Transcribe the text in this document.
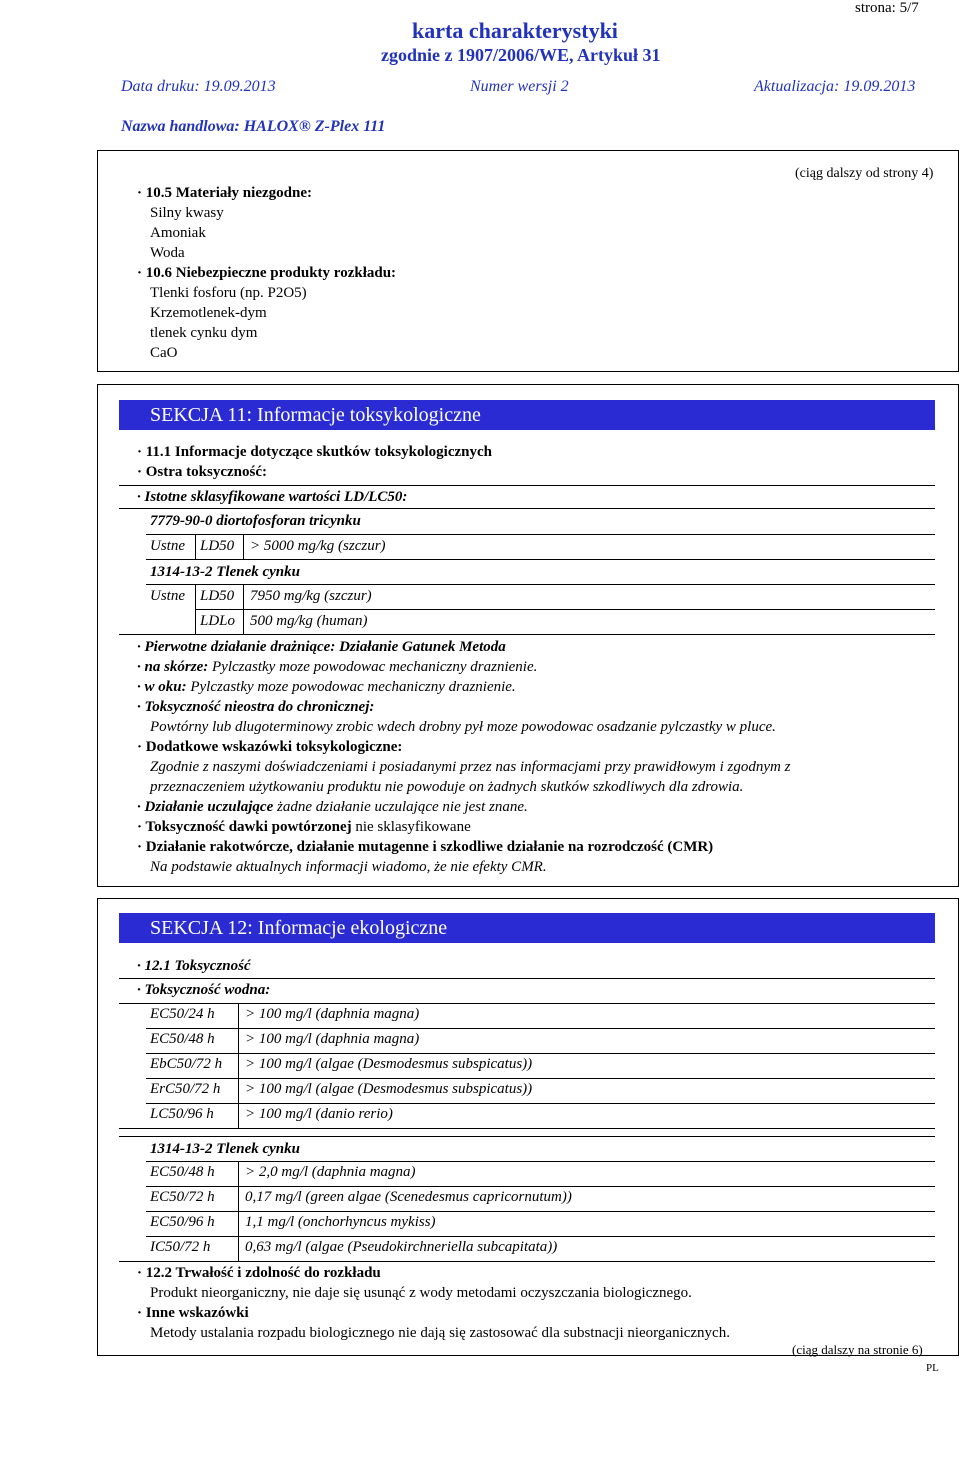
strona: 5/7
karta charakterystyki
zgodnie z 1907/2006/WE, Artykuł 31
Data druku: 19.09.2013	Numer wersji 2	Aktualizacja: 19.09.2013
Nazwa handlowa: HALOX® Z-Plex 111
(ciąg dalszy od strony 4)
· 10.5 Materiały niezgodne:
Silny kwasy
Amoniak
Woda
· 10.6 Niebezpieczne produkty rozkładu:
Tlenki fosforu (np. P2O5)
Krzemotlenek-dym
tlenek cynku dym
CaO
SEKCJA 11: Informacje toksykologiczne
· 11.1 Informacje dotyczące skutków toksykologicznych
· Ostra toksyczność:
· Istotne sklasyfikowane wartości LD/LC50:
7779-90-0 diortofosforan tricynku
Ustne LD50 > 5000 mg/kg (szczur)
1314-13-2 Tlenek cynku
Ustne LD50 7950 mg/kg (szczur)
LDLo 500 mg/kg (human)
· Pierwotne działanie drażniące: Działanie Gatunek Metoda
· na skórze: Pylczastky moze powodowac mechaniczny draznienie.
· w oku: Pylczastky moze powodowac mechaniczny draznienie.
· Toksyczność nieostra do chronicznej:
Powtórny lub dlugoterminowy zrobic wdech drobny pył moze powodowac osadzanie pylczastky w pluce.
· Dodatkowe wskazówki toksykologiczne:
Zgodnie z naszymi doświadczeniami i posiadanymi przez nas informacjami przy prawidłowym i zgodnym z
przeznaczeniem użytkowaniu produktu nie powoduje on żadnych skutków szkodliwych dla zdrowia.
· Działanie uczulające żadne działanie uczulające nie jest znane.
· Toksyczność dawki powtórzonej nie sklasyfikowane
· Działanie rakotwórcze, działanie mutagenne i szkodliwe działanie na rozrodczość (CMR)
Na podstawie aktualnych informacji wiadomo, że nie efekty CMR.
SEKCJA 12: Informacje ekologiczne
· 12.1 Toksyczność
· Toksyczność wodna:
EC50/24 h > 100 mg/l (daphnia magna)
EC50/48 h > 100 mg/l (daphnia magna)
EbC50/72 h > 100 mg/l (algae (Desmodesmus subspicatus))
ErC50/72 h > 100 mg/l (algae (Desmodesmus subspicatus))
LC50/96 h > 100 mg/l (danio rerio)
1314-13-2 Tlenek cynku
EC50/48 h > 2,0 mg/l (daphnia magna)
EC50/72 h 0,17 mg/l (green algae (Scenedesmus capricornutum))
EC50/96 h 1,1 mg/l (onchorhyncus mykiss)
IC50/72 h 0,63 mg/l (algae (Pseudokirchneriella subcapitata))
· 12.2 Trwałość i zdolność do rozkładu
Produkt nieorganiczny, nie daje się usunąć z wody metodami oczyszczania biologicznego.
· Inne wskazówki
Metody ustalania rozpadu biologicznego nie dają się zastosować dla substnacji nieorganicznych.
(ciąg dalszy na stronie 6)
PL
